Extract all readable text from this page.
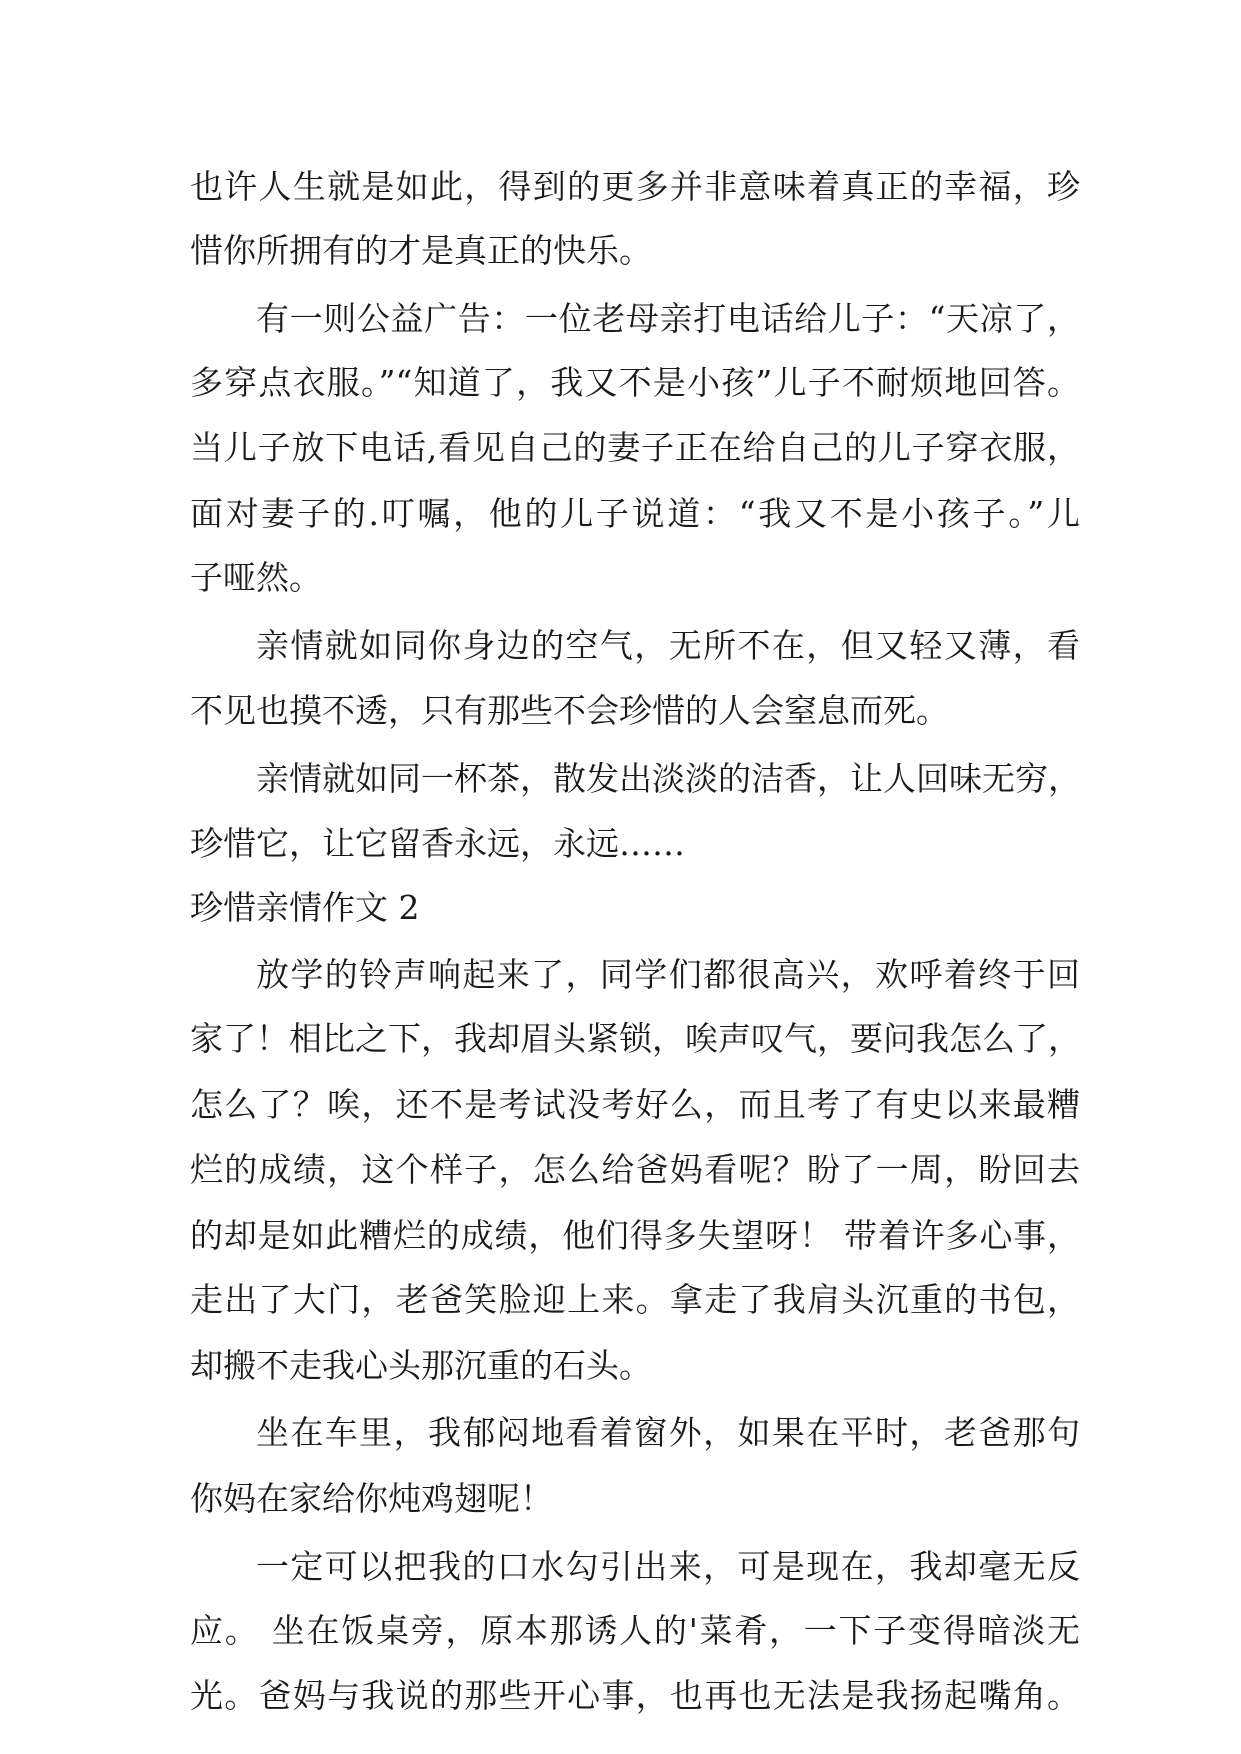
也许人生就是如此，得到的更多并非意味着真正的幸福，珍
惜你所拥有的才是真正的快乐。
有一则公益广告：一位老母亲打电话给儿子：“天凉了，
多穿点衣服。”“知道了，我又不是小孩”儿子不耐烦地回答。
当儿子放下电话,看见自己的妻子正在给自己的儿子穿衣服，
面对妻子的.叮嘱，他的儿子说道：“我又不是小孩子。”儿
子哑然。
亲情就如同你身边的空气，无所不在，但又轻又薄，看
不见也摸不透，只有那些不会珍惜的人会窒息而死。
亲情就如同一杯茶，散发出淡淡的洁香，让人回味无穷，
珍惜它，让它留香永远，永远……
珍惜亲情作文 2
放学的铃声响起来了，同学们都很高兴，欢呼着终于回
家了！相比之下，我却眉头紧锁，唉声叹气，要问我怎么了，
怎么了？唉，还不是考试没考好么，而且考了有史以来最糟
烂的成绩，这个样子，怎么给爸妈看呢？盼了一周，盼回去
的却是如此糟烂的成绩，他们得多失望呀！ 带着许多心事，
走出了大门，老爸笑脸迎上来。拿走了我肩头沉重的书包，
却搬不走我心头那沉重的石头。
坐在车里，我郁闷地看着窗外，如果在平时，老爸那句
你妈在家给你炖鸡翅呢！
一定可以把我的口水勾引出来，可是现在，我却毫无反
应。 坐在饭桌旁，原本那诱人的'菜肴，一下子变得暗淡无
光。爸妈与我说的那些开心事，也再也无法是我扬起嘴角。
